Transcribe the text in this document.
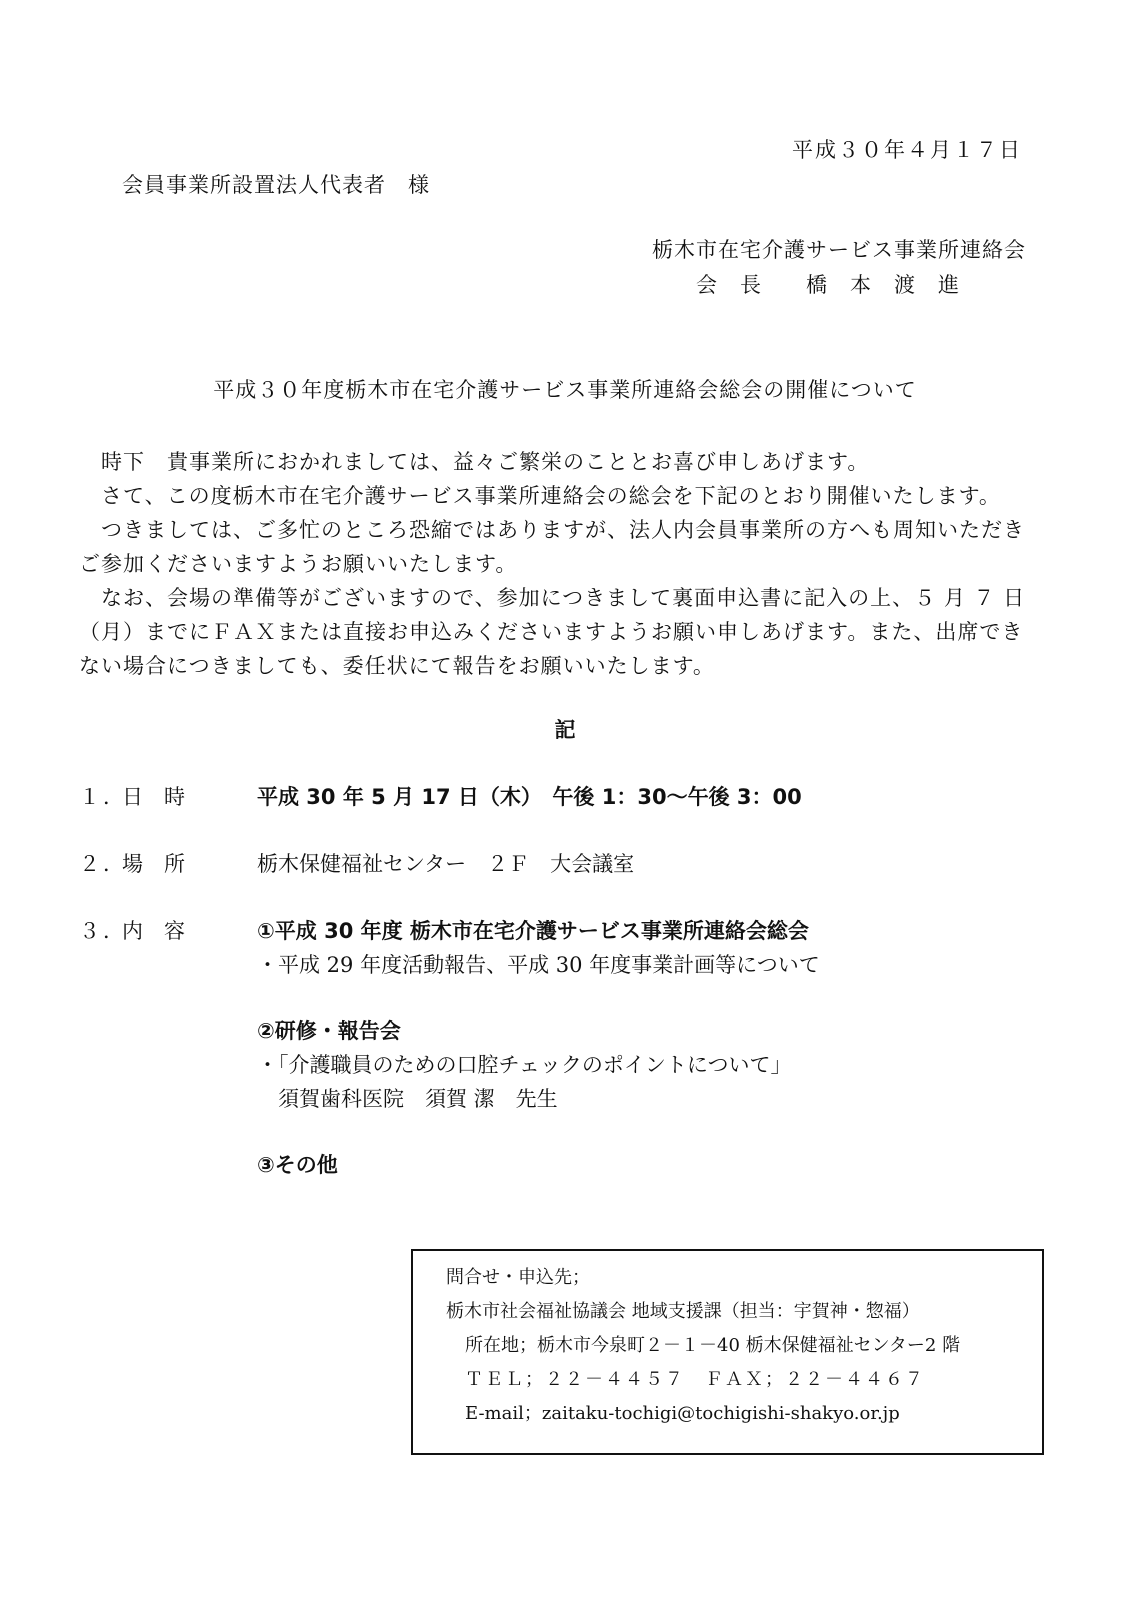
平成３０年４月１７日
会員事業所設置法人代表者　様
栃木市在宅介護サービス事業所連絡会
会　長　　橋　本　渡　進
平成３０年度栃木市在宅介護サービス事業所連絡会総会の開催について

　時下　貴事業所におかれましては、益々ご繁栄のこととお喜び申しあげます。

　さて、この度栃木市在宅介護サービス事業所連絡会の総会を下記のとおり開催いたします。

　つきましては、ご多忙のところ恐縮ではありますが、法人内会員事業所の方へも周知いただき

ご参加くださいますようお願いいたします。

　なお、会場の準備等がございますので、参加につきまして裏面申込書に記入の上、５ 月 ７ 日

（月）までにＦＡＸまたは直接お申込みくださいますようお願い申しあげます。また、出席でき

ない場合につきましても、委任状にて報告をお願いいたします。

記
１．
日　時	平成 30 年 5 月 17 日（木）　午後 1：30～午後 3：00
２．
場　所	栃木保健福祉センター　２Ｆ　大会議室
３．
内　容	①平成 30 年度 栃木市在宅介護サービス事業所連絡会総会
・平成 29 年度活動報告、平成 30 年度事業計画等について
②研修・報告会
・「介護職員のための口腔チェックのポイントについて」
　須賀歯科医院　須賀 潔　先生
③その他
問合せ・申込先；
栃木市社会福祉協議会 地域支援課（担当：宇賀神・惣福）
所在地；栃木市今泉町２－１－40 栃木保健福祉センター2 階
ＴＥＬ；２２－４４５７　ＦＡＸ；２２－４４６７
E-mail；zaitaku-tochigi@tochigishi-shakyo.or.jp
